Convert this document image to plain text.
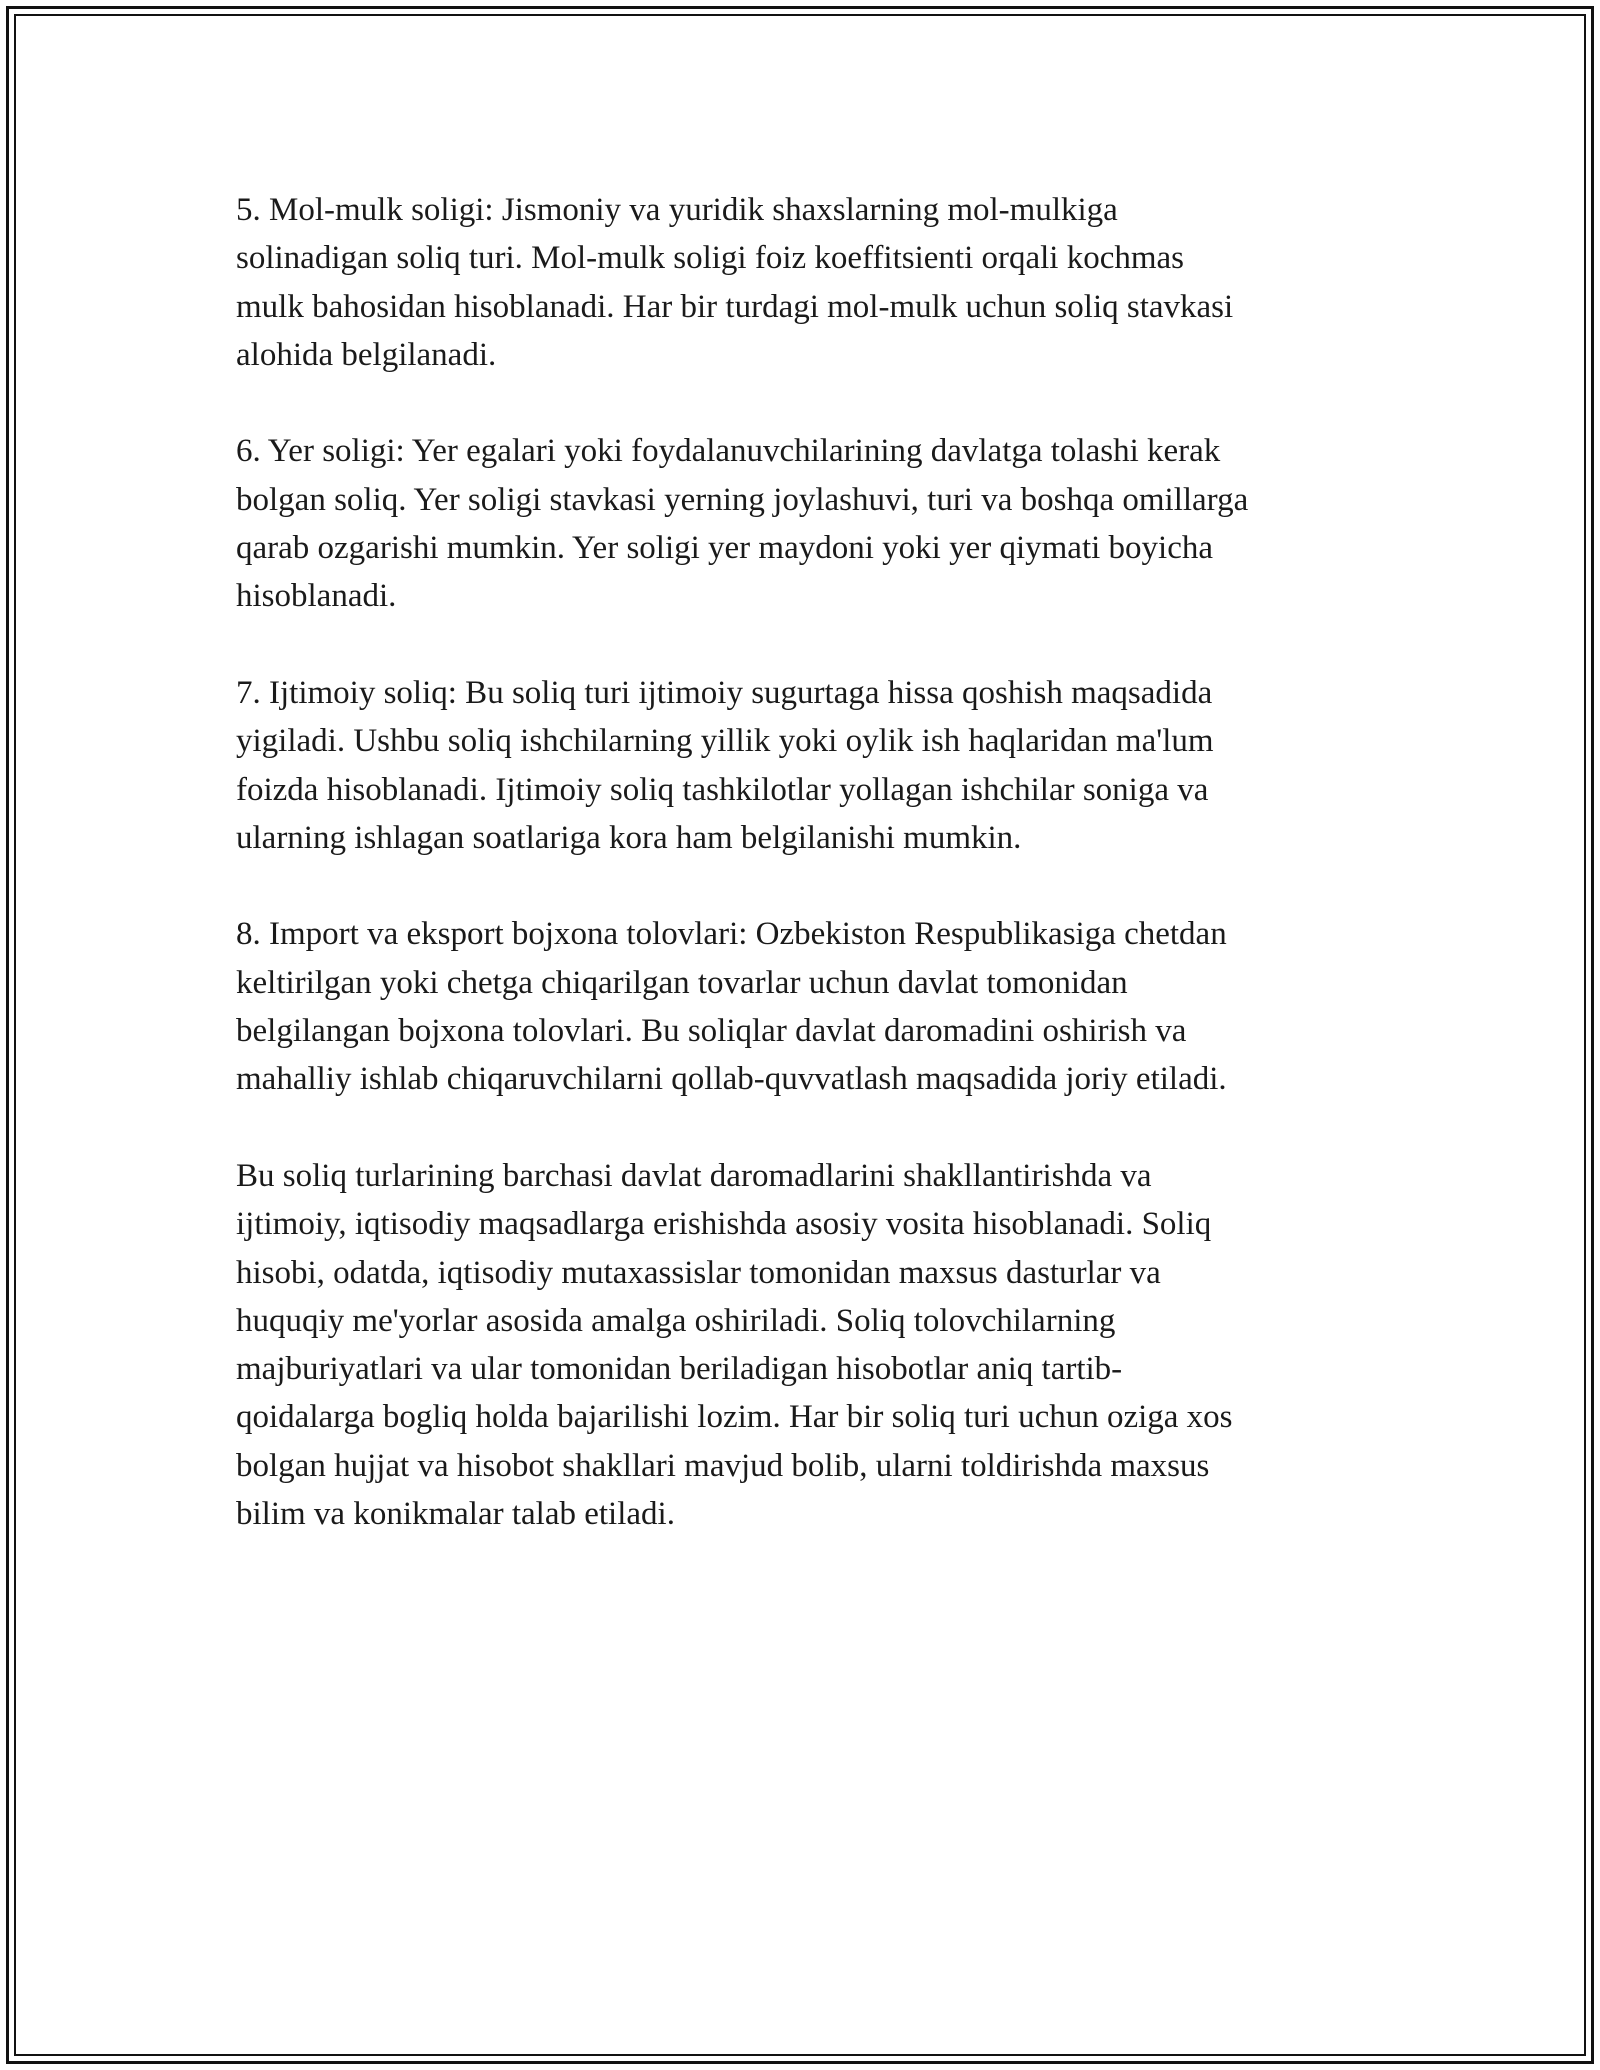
5. Mol-mulk soligi: Jismoniy va yuridik shaxslarning mol-mulkiga
solinadigan soliq turi. Mol-mulk soligi foiz koeffitsienti orqali kochmas
mulk bahosidan hisoblanadi. Har bir turdagi mol-mulk uchun soliq stavkasi
alohida belgilanadi.

6. Yer soligi: Yer egalari yoki foydalanuvchilarining davlatga tolashi kerak
bolgan soliq. Yer soligi stavkasi yerning joylashuvi, turi va boshqa omillarga
qarab ozgarishi mumkin. Yer soligi yer maydoni yoki yer qiymati boyicha
hisoblanadi.

7. Ijtimoiy soliq: Bu soliq turi ijtimoiy sugurtaga hissa qoshish maqsadida
yigiladi. Ushbu soliq ishchilarning yillik yoki oylik ish haqlaridan ma'lum
foizda hisoblanadi. Ijtimoiy soliq tashkilotlar yollagan ishchilar soniga va
ularning ishlagan soatlariga kora ham belgilanishi mumkin.

8. Import va eksport bojxona tolovlari: Ozbekiston Respublikasiga chetdan
keltirilgan yoki chetga chiqarilgan tovarlar uchun davlat tomonidan
belgilangan bojxona tolovlari. Bu soliqlar davlat daromadini oshirish va
mahalliy ishlab chiqaruvchilarni qollab-quvvatlash maqsadida joriy etiladi.

Bu soliq turlarining barchasi davlat daromadlarini shakllantirishda va
ijtimoiy, iqtisodiy maqsadlarga erishishda asosiy vosita hisoblanadi. Soliq
hisobi, odatda, iqtisodiy mutaxassislar tomonidan maxsus dasturlar va
huquqiy me'yorlar asosida amalga oshiriladi. Soliq tolovchilarning
majburiyatlari va ular tomonidan beriladigan hisobotlar aniq tartib-
qoidalarga bogliq holda bajarilishi lozim. Har bir soliq turi uchun oziga xos
bolgan hujjat va hisobot shakllari mavjud bolib, ularni toldirishda maxsus
bilim va konikmalar talab etiladi.
